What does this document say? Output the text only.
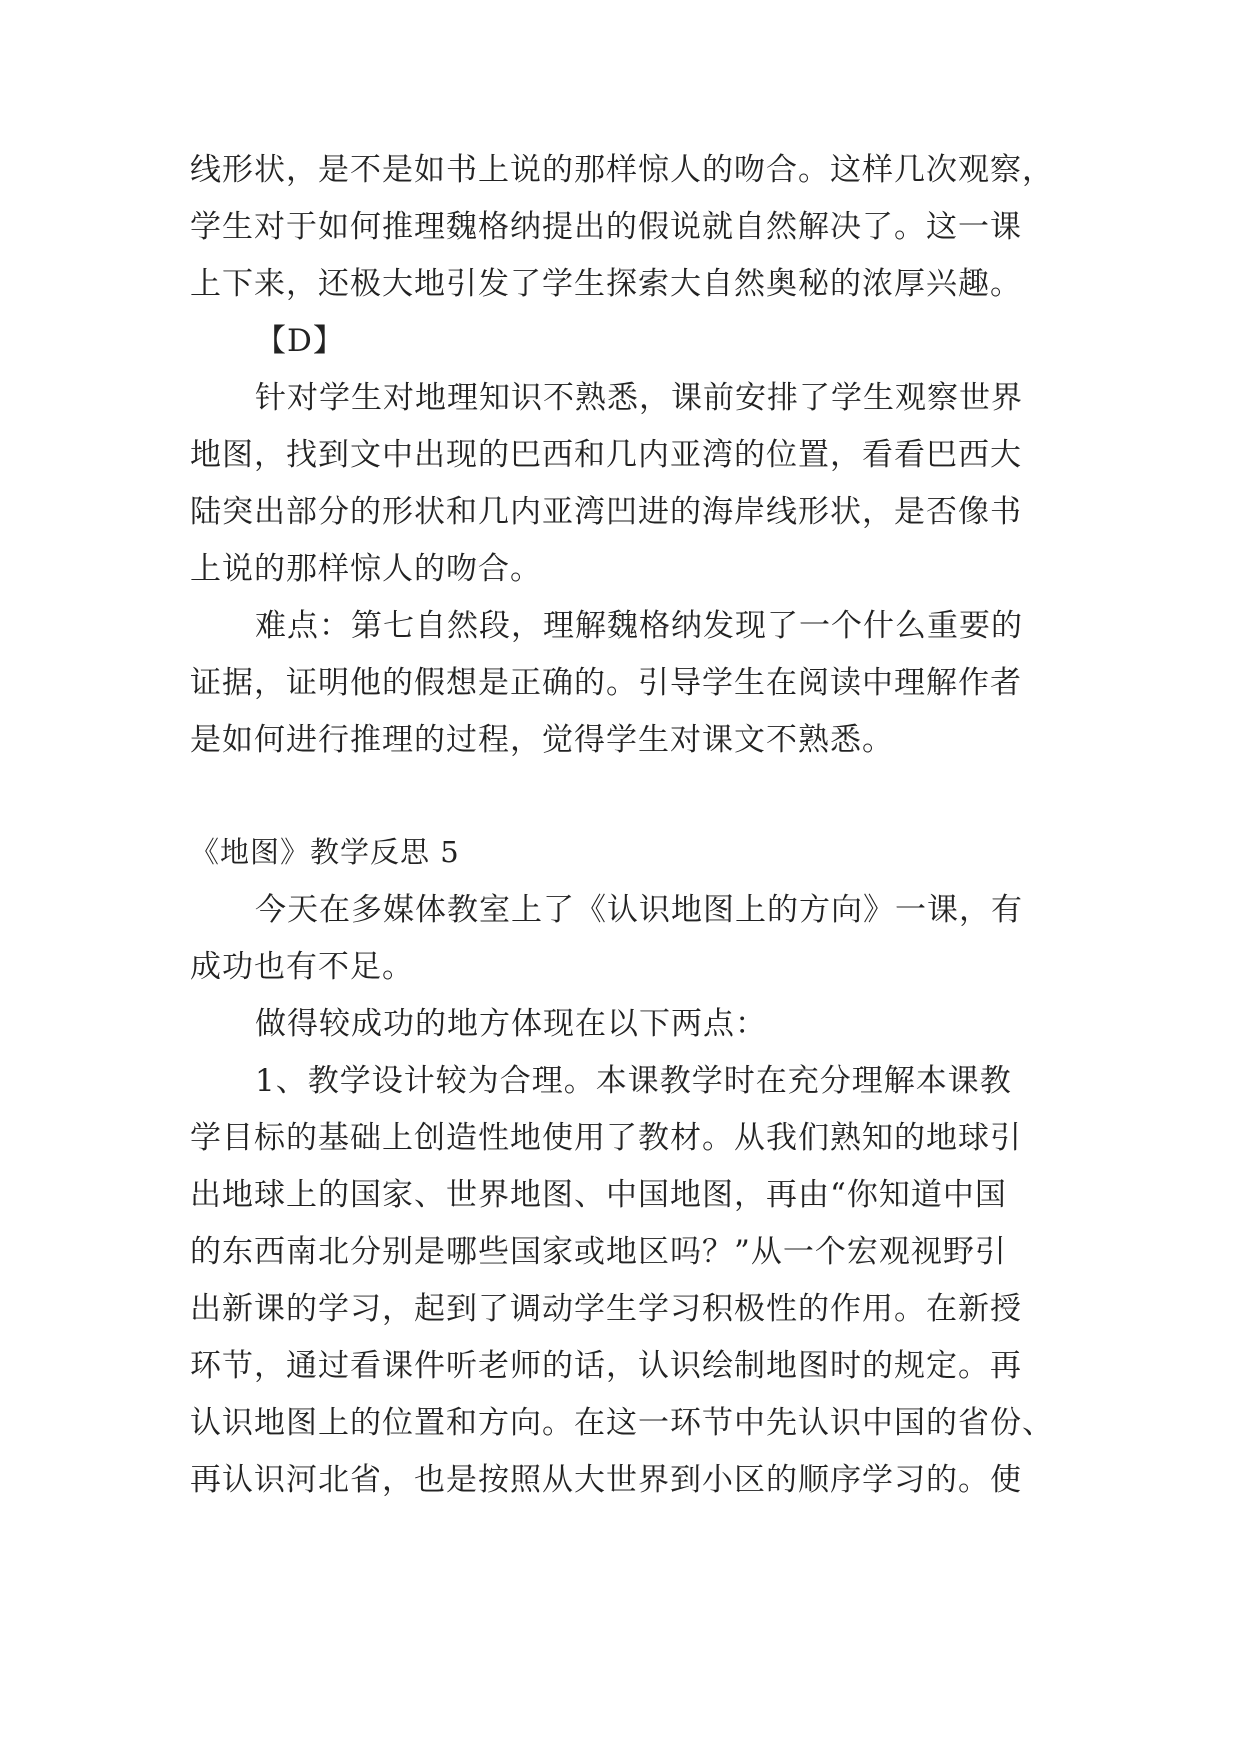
线形状，是不是如书上说的那样惊人的吻合。这样几次观察，
学生对于如何推理魏格纳提出的假说就自然解决了。这一课
上下来，还极大地引发了学生探索大自然奥秘的浓厚兴趣。
【D】
针对学生对地理知识不熟悉，课前安排了学生观察世界
地图，找到文中出现的巴西和几内亚湾的位置，看看巴西大
陆突出部分的形状和几内亚湾凹进的海岸线形状，是否像书
上说的那样惊人的吻合。
难点：第七自然段，理解魏格纳发现了一个什么重要的
证据，证明他的假想是正确的。引导学生在阅读中理解作者
是如何进行推理的过程，觉得学生对课文不熟悉。
《地图》教学反思 5
今天在多媒体教室上了《认识地图上的方向》一课，有
成功也有不足。
做得较成功的地方体现在以下两点：
1、教学设计较为合理。本课教学时在充分理解本课教
学目标的基础上创造性地使用了教材。从我们熟知的地球引
出地球上的国家、世界地图、中国地图，再由“你知道中国
的东西南北分别是哪些国家或地区吗？”从一个宏观视野引
出新课的学习，起到了调动学生学习积极性的作用。在新授
环节，通过看课件听老师的话，认识绘制地图时的规定。再
认识地图上的位置和方向。在这一环节中先认识中国的省份、
再认识河北省，也是按照从大世界到小区的顺序学习的。使
